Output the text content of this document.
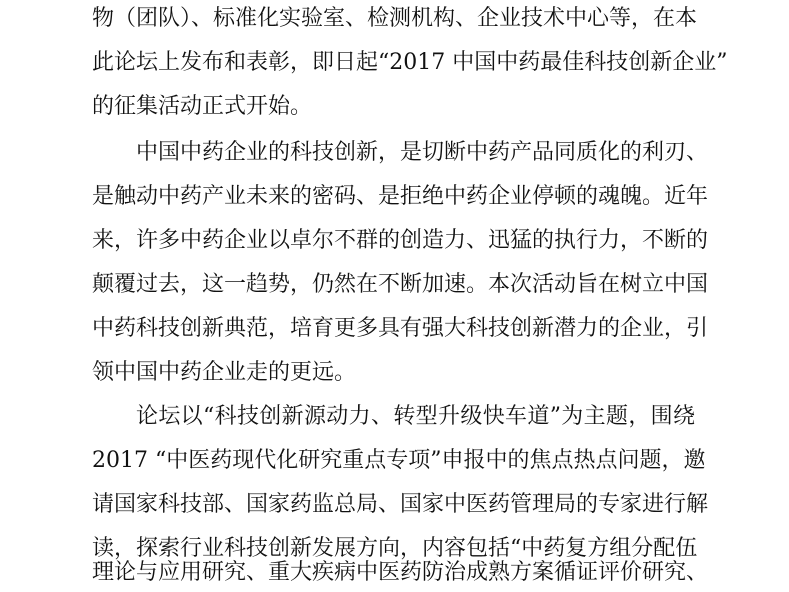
物（团队）、标准化实验室、检测机构、企业技术中心等，在本
此论坛上发布和表彰，即日起“2017 中国中药最佳科技创新企业”
的征集活动正式开始。
中国中药企业的科技创新，是切断中药产品同质化的利刃、
是触动中药产业未来的密码、是拒绝中药企业停顿的魂魄。近年
来，许多中药企业以卓尔不群的创造力、迅猛的执行力，不断的
颠覆过去，这一趋势，仍然在不断加速。本次活动旨在树立中国
中药科技创新典范，培育更多具有强大科技创新潜力的企业，引
领中国中药企业走的更远。
论坛以“科技创新源动力、转型升级快车道”为主题，围绕
2017 “中医药现代化研究重点专项”申报中的焦点热点问题，邀
请国家科技部、国家药监总局、国家中医药管理局的专家进行解
读，探索行业科技创新发展方向，内容包括“中药复方组分配伍
理论与应用研究、重大疾病中医药防治成熟方案循证评价研究、
